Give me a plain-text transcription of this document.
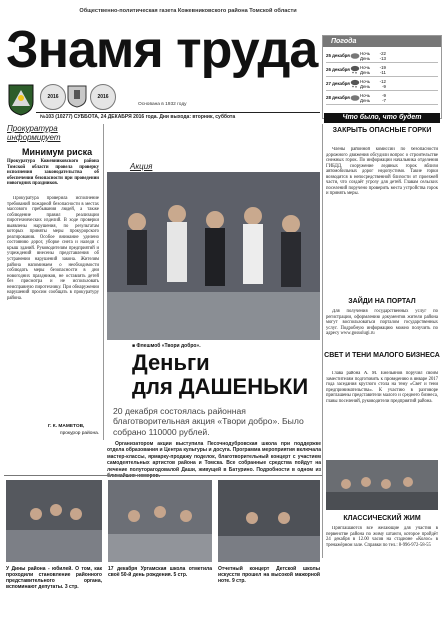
Общественно-политическая газета Кожевниковского района Томской области
Знамя труда
2016	2016
Основана в 1932 году
№103 (10277) СУББОТА, 24 ДЕКАБРЯ 2016 года. Дни выхода: вторник, суббота
Погода
25 декабря Ночь
День
-22
-13
26 декабря Ночь
День
-19
-11
27 декабря Ночь
День
-12
-9
28 декабря Ночь
День
-9
-7
Что было, что будет
Прокуратура информирует
Минимум риска
Прокуратура Кожевниковского района Томской области провела проверку исполнения законодательства об обеспечении безопасности при проведении новогодних праздников.
Прокуратура проверила исполнение требований пожарной безопасности в местах массового пребывания людей, а также соблюдение правил реализации пиротехнических изделий. В ходе проверки выявлены нарушения, по результатам которых приняты меры прокурорского реагирования. Особое внимание уделено состоянию дорог, уборке снега и наледи с крыш зданий. Руководителям предприятий и учреждений внесены представления об устранении нарушений закона. Жителям района напоминаем о необходимости соблюдать меры безопасности в дни новогодних праздников, не оставлять детей без присмотра и не использовать неисправную пиротехнику. При обнаружении нарушений просим сообщать в прокуратуру района.
Г. К. МАМЕТОВ,
прокурор района.
Акция
■ Флешмоб «Твори добро».
Деньги
для ДАШЕНЬКИ
20 декабря состоялась районная благотворительная акция «Твори добро». Было собрано 110000 рублей.
Организатором акции выступила Песочнодубровская школа при поддержке отдела образования и Центра культуры и досуга. Программа мероприятия включала мастер-классы, ярмарку-продажу поделок, благотворительный концерт с участием самодеятельных артистов района и Томска. Все собранные средства пойдут на лечение полуторагодовалой Даши, живущей в Батурино. Подробности в одном из ближайших номеров.
ЗАКРЫТЬ ОПАСНЫЕ ГОРКИ
Члены районной комиссии по безопасности дорожного движения обсудили вопрос о строительстве снежных горок. По информации начальника отделения ГИБДД, сооружение ледяных горок вблизи автомобильных дорог недопустимо. Такие горки возводятся в непосредственной близости от проезжей части, что создаёт угрозу для детей. Главам сельских поселений поручено проверить места устройства горок и принять меры.
ЗАЙДИ НА ПОРТАЛ
Для получения государственных услуг по регистрации, оформлению документов жители района могут воспользоваться порталом государственных услуг. Подробную информацию можно получить по адресу www.gosuslugi.ru
СВЕТ И ТЕНИ МАЛОГО БИЗНЕСА
Глава района А. М. Емельянов поручил своим заместителям подготовить к проведению в январе 2017 года заседания круглого стола на тему «Свет и тени предпринимательства». К участию в разговоре приглашены представители малого и среднего бизнеса, главы поселений, руководители предприятий района.
КЛАССИЧЕСКИЙ ЖИМ
Приглашаются все желающие для участия в первенстве района по жиму штанги, которое пройдёт 24 декабря в 12.00 часов на стадионе «Колос» в тренажёрном зале. Справки по тел.: 8-996-972-58-55
У Дины района - юбилей. О том, как проходили становление районного представительного органа, вспоминают депутаты. 3 стр.
17 декабря Уртамская школа отметила своё 50-й день рождения. 5 стр.
Отчетный концерт Детской школы искусств прошел на высокой мажорной ноте. 9 стр.
